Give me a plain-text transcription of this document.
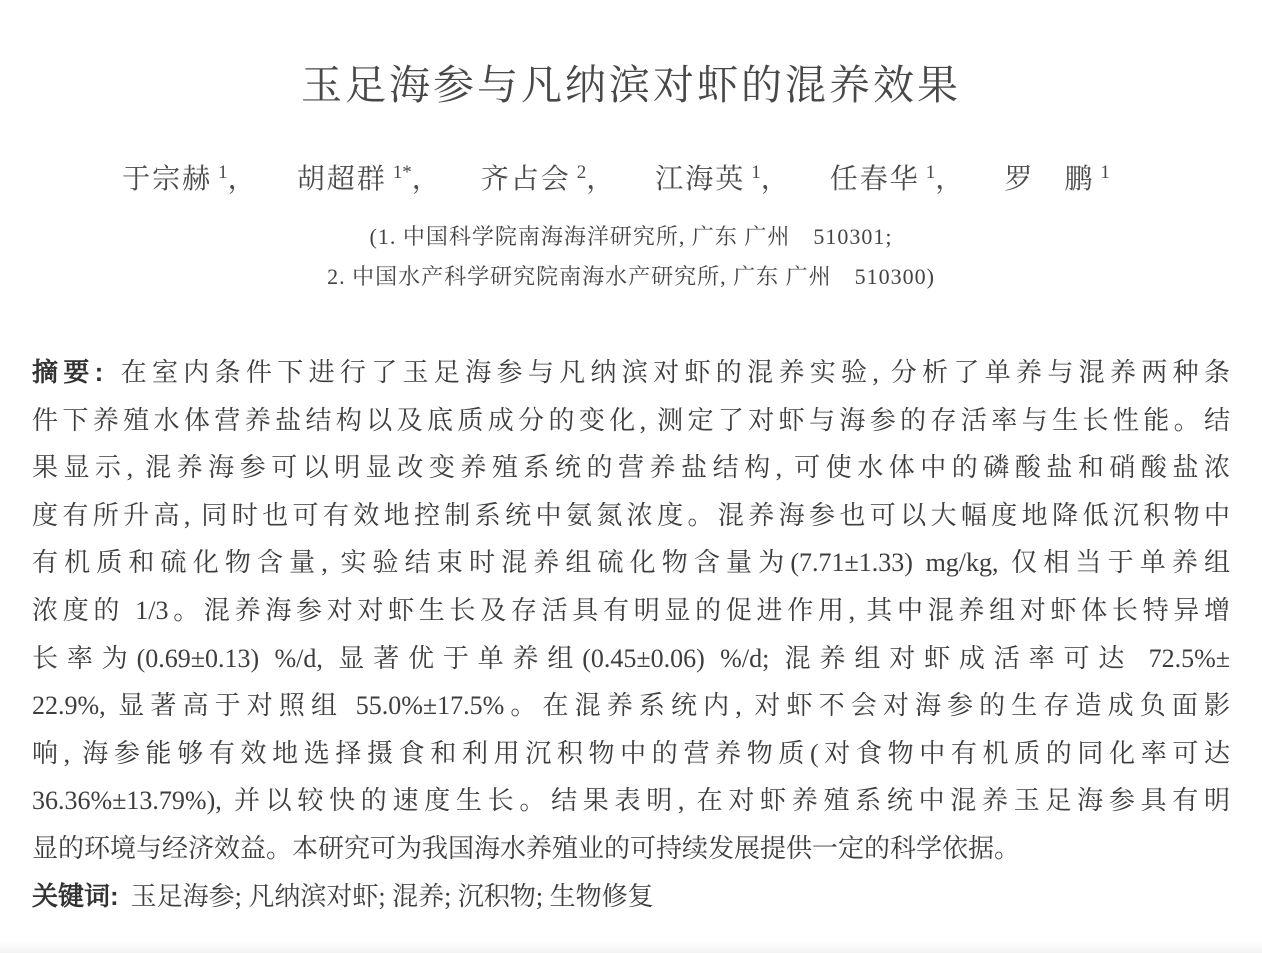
玉足海参与凡纳滨对虾的混养效果
于宗赫 $^1$， 胡超群 $^{1*}$， 齐占会 $^2$， 江海英 $^1$， 任春华 $^1$， 罗　鹏 $^1$
(1. 中国科学院南海海洋研究所, 广东 广州　510301;
2. 中国水产科学研究院南海水产研究所, 广东 广州　510300)
摘要: 在室内条件下进行了玉足海参与凡纳滨对虾的混养实验, 分析了单养与混养两种条
件下养殖水体营养盐结构以及底质成分的变化, 测定了对虾与海参的存活率与生长性能。结
果显示, 混养海参可以明显改变养殖系统的营养盐结构, 可使水体中的磷酸盐和硝酸盐浓
度有所升高, 同时也可有效地控制系统中氨氮浓度。混养海参也可以大幅度地降低沉积物中
有机质和硫化物含量, 实验结束时混养组硫化物含量为(7.71±1.33) mg/kg, 仅相当于单养组
浓度的 1/3。混养海参对对虾生长及存活具有明显的促进作用, 其中混养组对虾体长特异增
长率为(0.69±0.13) %/d, 显著优于单养组(0.45±0.06) %/d; 混养组对虾成活率可达 72.5%±
22.9%, 显著高于对照组 55.0%±17.5%。在混养系统内, 对虾不会对海参的生存造成负面影
响, 海参能够有效地选择摄食和利用沉积物中的营养物质(对食物中有机质的同化率可达
36.36%±13.79%), 并以较快的速度生长。结果表明, 在对虾养殖系统中混养玉足海参具有明
显的环境与经济效益。本研究可为我国海水养殖业的可持续发展提供一定的科学依据。
关键词: 玉足海参; 凡纳滨对虾; 混养; 沉积物; 生物修复
